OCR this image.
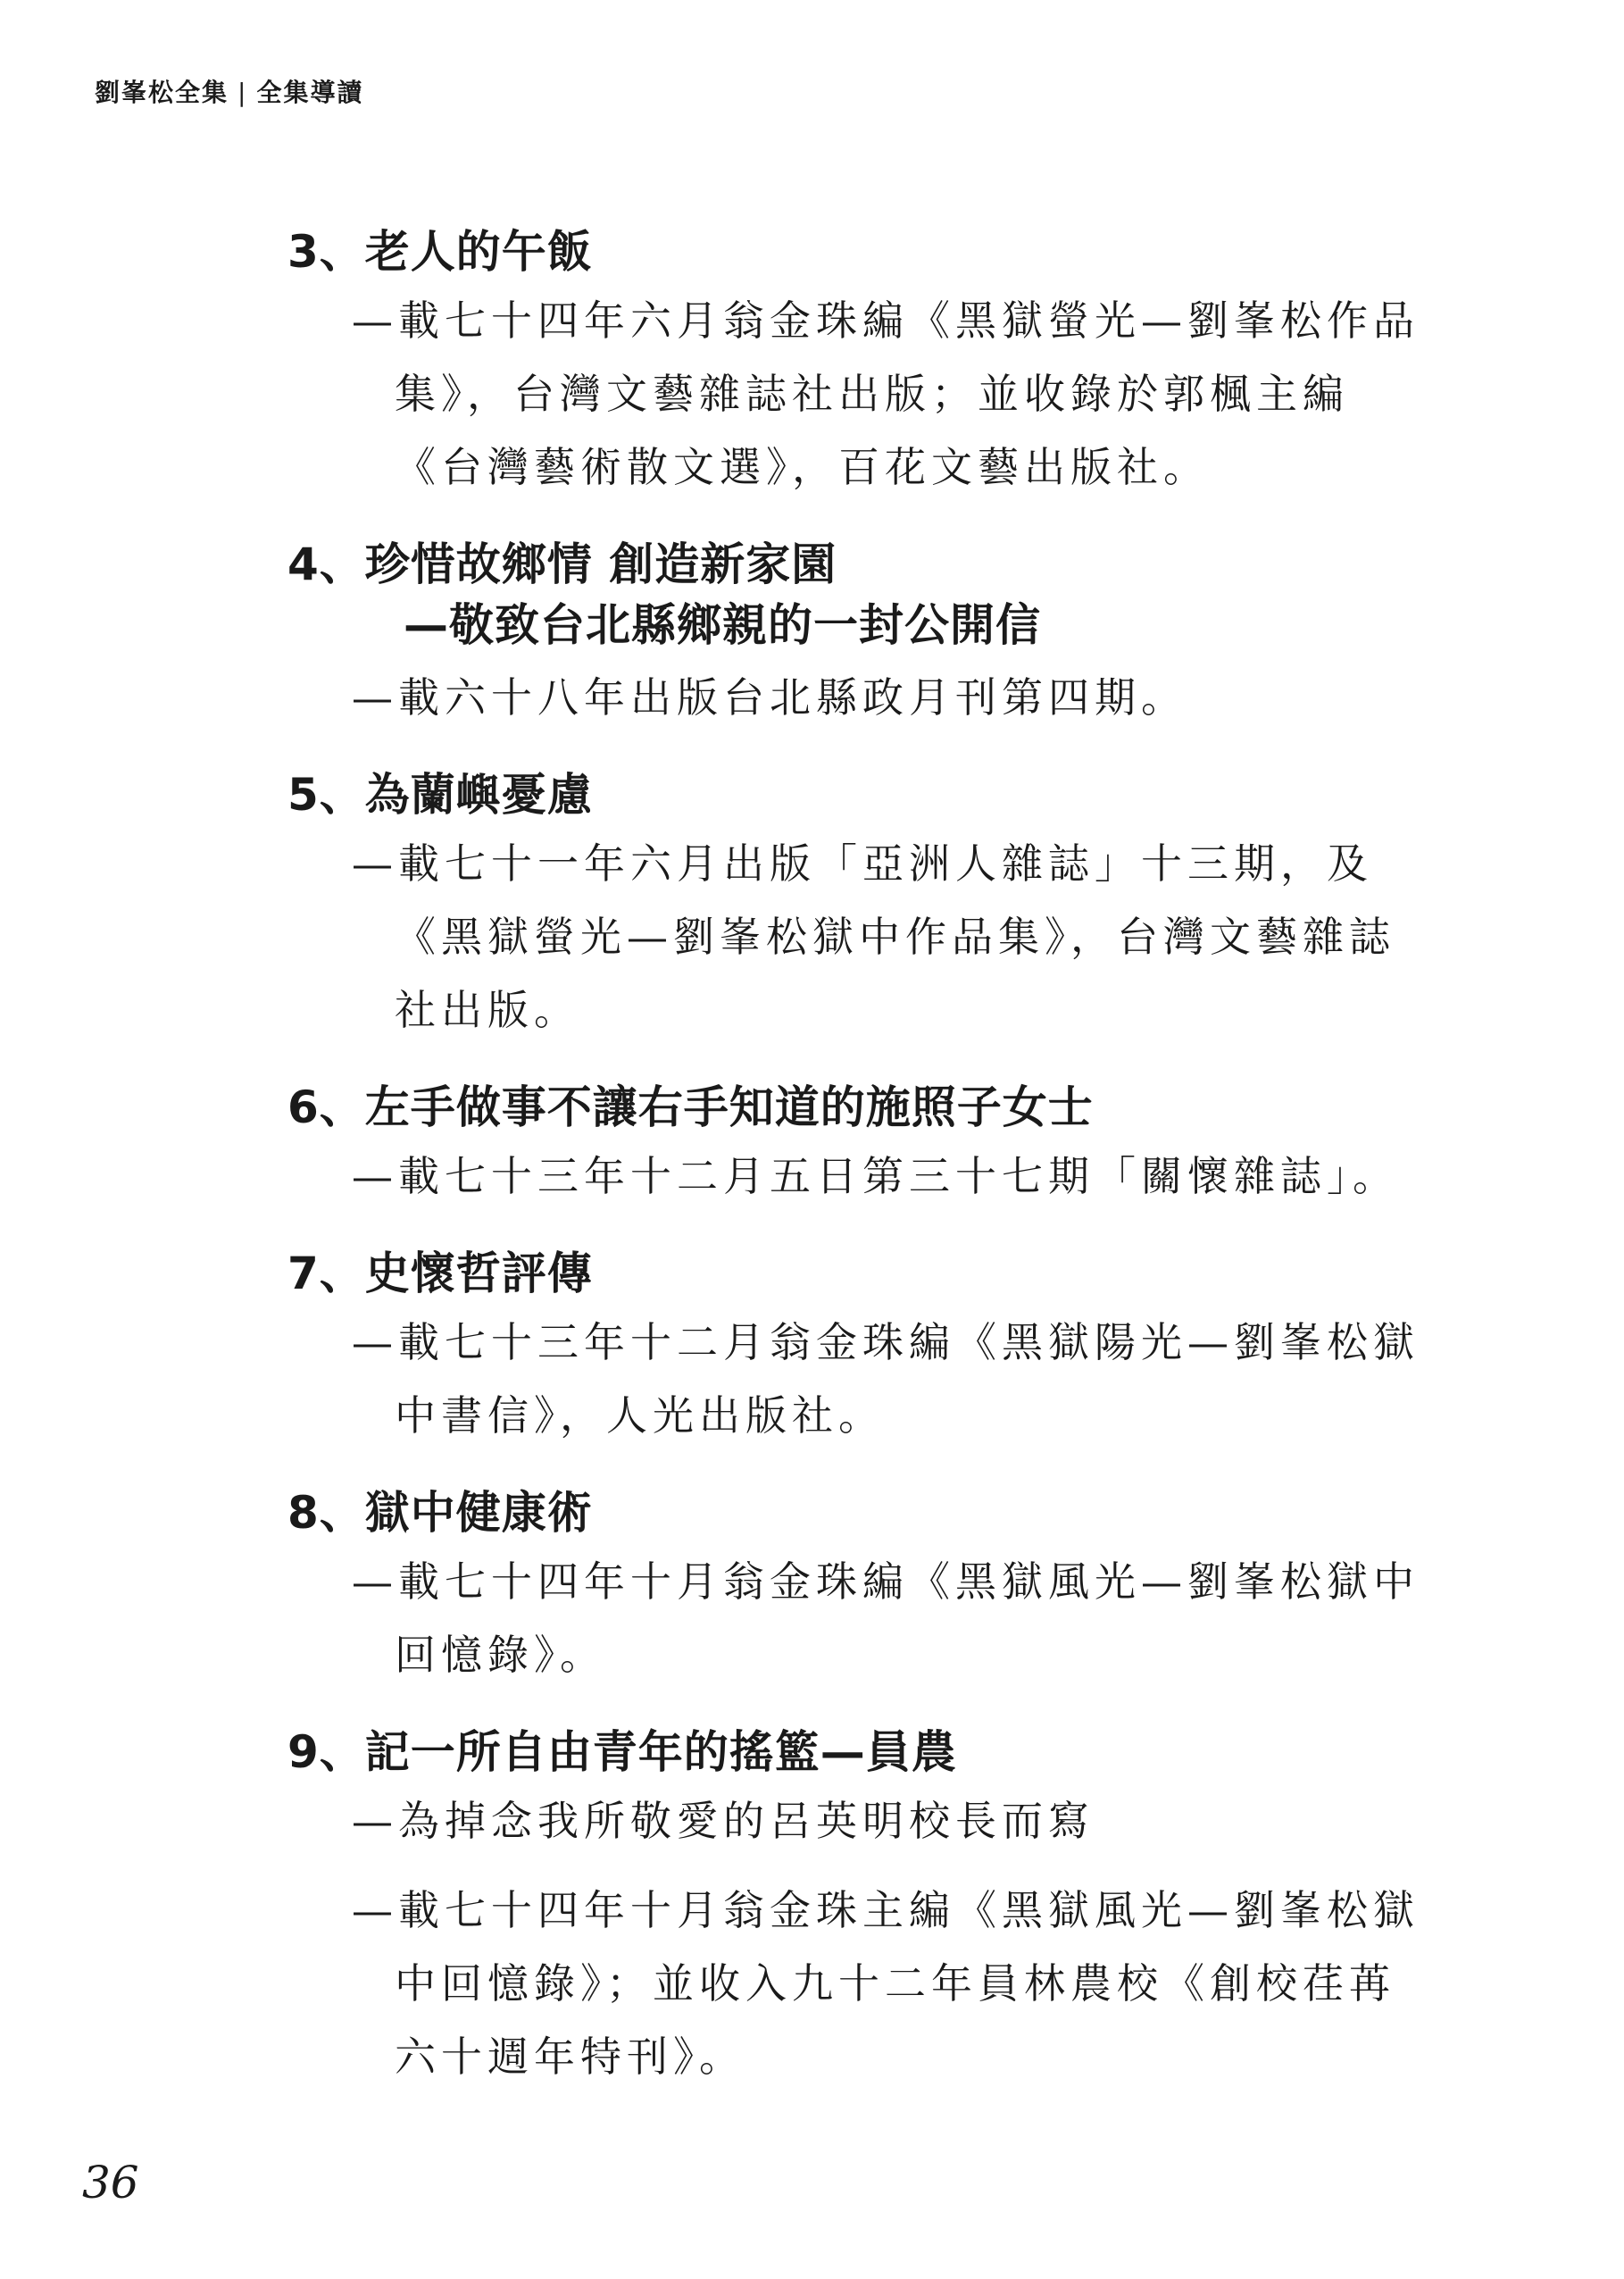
劉峯松全集 | 全集導讀
3、老人的午飯
—載七十四年六月翁金珠編《黑獄螢光—劉峯松作品集》，台灣文藝雜誌社出版；並收錄於郭楓主編《台灣藝術散文選》，百花文藝出版社。
4、珍惜故鄉情 創造新家園
—敬致台北縣鄉親的一封公開信
—載六十八年出版台北縣政月刊第四期。
5、為蘭嶼憂慮
—載七十一年六月出版「亞洲人雜誌」十三期，及《黑獄螢光—劉峯松獄中作品集》，台灣文藝雜誌社出版。
6、左手做事不讓右手知道的施照子女士
—載七十三年十二月五日第三十七期「關懷雜誌」。
7、史懷哲評傳
—載七十三年十二月翁金珠編《黑獄陽光—劉峯松獄中書信》，人光出版社。
8、獄中健康術
—載七十四年十月翁金珠編《黑獄風光—劉峯松獄中回憶錄》。
9、記一所自由青年的搖籃—員農
—為掉念我所敬愛的呂英明校長而寫
—載七十四年十月翁金珠主編《黑獄風光—劉峯松獄中回憶錄》；並收入九十二年員林農校《創校荏苒六十週年特刊》。
36
